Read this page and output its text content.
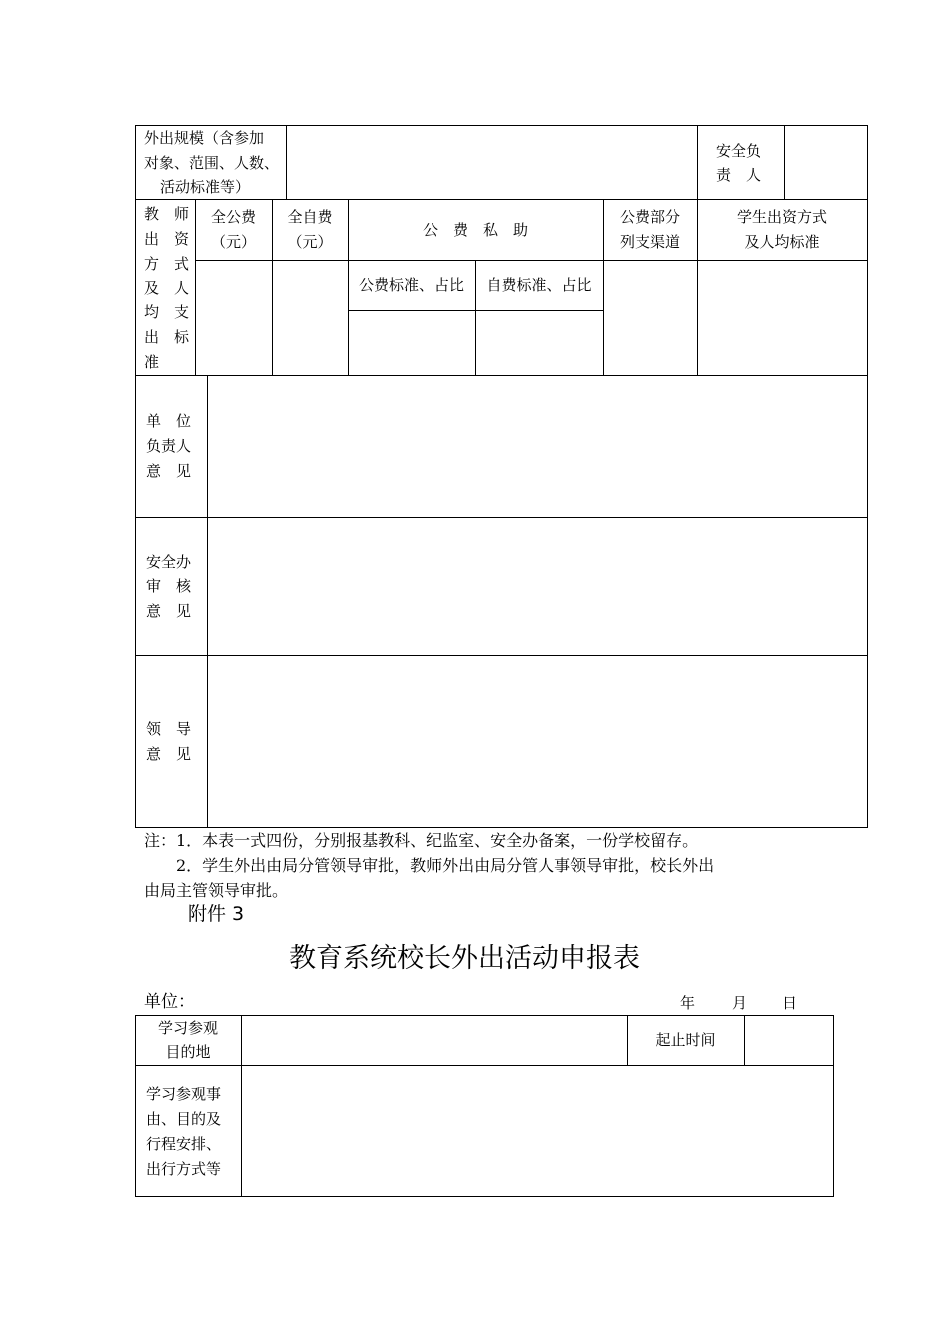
外出规模（含参加
对象、范围、人数、
活动标准等）
安全负
责　人
教　师
出　资
方　式
及　人
均　支
出　标
准
全公费
（元）
全自费
（元）
公　费　私　助
公费部分
列支渠道
学生出资方式
及人均标准
公费标准、占比	自费标准、占比
单　位
负责人
意　见
安全办
审　核
意　见
领　导
意　见
注：1．本表一式四份，分别报基教科、纪监室、安全办备案，一份学校留存。
2．学生外出由局分管领导审批，教师外出由局分管人事领导审批，校长外出
由局主管领导审批。
附件 3
教育系统校长外出活动申报表
单位：	年 月 日
学习参观
目的地
起止时间
学习参观事
由、目的及
行程安排、
出行方式等
